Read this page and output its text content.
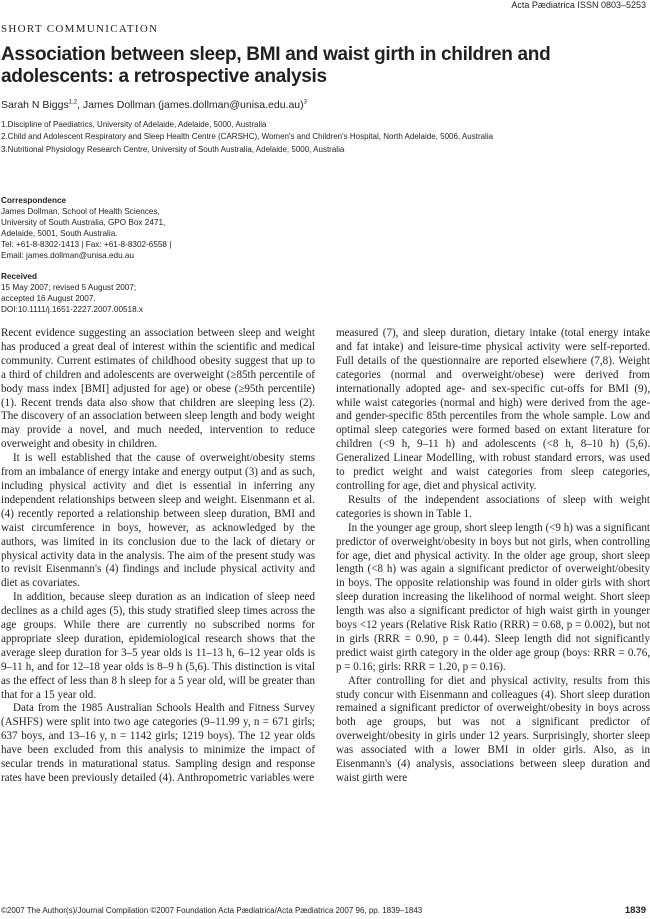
Acta Pædiatrica ISSN 0803–5253
SHORT COMMUNICATION
Association between sleep, BMI and waist girth in children and adolescents: a retrospective analysis
Sarah N Biggs$^{1,2}$, James Dollman (james.dollman@unisa.edu.au)$^3$
1.Discipline of Paediatrics, University of Adelaide, Adelaide, 5000, Australia
2.Child and Adolescent Respiratory and Sleep Health Centre (CARSHC), Women's and Children's Hospital, North Adelaide, 5006, Australia
3.Nutritional Physiology Research Centre, University of South Australia, Adelaide, 5000, Australia
Correspondence
James Dollman, School of Health Sciences,
University of South Australia, GPO Box 2471,
Adelaide, 5001, South Australia.
Tel: +61-8-8302-1413 | Fax: +61-8-8302-6558 |
Email: james.dollman@unisa.edu.au
Received
15 May 2007; revised 5 August 2007;
accepted 16 August 2007.
DOI:10.1111/j.1651-2227.2007.00518.x

Recent evidence suggesting an association between sleep and weight has produced a great deal of interest within the scientific and medical community. Current estimates of childhood obesity suggest that up to a third of children and adolescents are overweight (≥85th percentile of body mass index [BMI] adjusted for age) or obese (≥95th percentile) (1). Recent trends data also show that children are sleeping less (2). The discovery of an association between sleep length and body weight may provide a novel, and much needed, intervention to reduce overweight and obesity in children.

It is well established that the cause of overweight/obesity stems from an imbalance of energy intake and energy output (3) and as such, including physical activity and diet is essential in inferring any independent relationships between sleep and weight. Eisenmann et al. (4) recently reported a relationship between sleep duration, BMI and waist circumference in boys, however, as acknowledged by the authors, was limited in its conclusion due to the lack of dietary or physical activity data in the analysis. The aim of the present study was to revisit Eisenmann's (4) findings and include physical activity and diet as covariates.

In addition, because sleep duration as an indication of sleep need declines as a child ages (5), this study stratified sleep times across the age groups. While there are currently no subscribed norms for appropriate sleep duration, epidemiological research shows that the average sleep duration for 3–5 year olds is 11–13 h, 6–12 year olds is 9–11 h, and for 12–18 year olds is 8–9 h (5,6). This distinction is vital as the effect of less than 8 h sleep for a 5 year old, will be greater than that for a 15 year old.

Data from the 1985 Australian Schools Health and Fitness Survey (ASHFS) were split into two age categories (9–11.99 y, n = 671 girls; 637 boys, and 13–16 y, n = 1142 girls; 1219 boys). The 12 year olds have been excluded from this analysis to minimize the impact of secular trends in maturational status. Sampling design and response rates have been previously detailed (4). Anthropometric variables were

measured (7), and sleep duration, dietary intake (total energy intake and fat intake) and leisure-time physical activity were self-reported. Full details of the questionnaire are reported elsewhere (7,8). Weight categories (normal and overweight/obese) were derived from internationally adopted age- and sex-specific cut-offs for BMI (9), while waist categories (normal and high) were derived from the age- and gender-specific 85th percentiles from the whole sample. Low and optimal sleep categories were formed based on extant literature for children (<9 h, 9–11 h) and adolescents (<8 h, 8–10 h) (5,6). Generalized Linear Modelling, with robust standard errors, was used to predict weight and waist categories from sleep categories, controlling for age, diet and physical activity.

Results of the independent associations of sleep with weight categories is shown in Table 1.

In the younger age group, short sleep length (<9 h) was a significant predictor of overweight/obesity in boys but not girls, when controlling for age, diet and physical activity. In the older age group, short sleep length (<8 h) was again a significant predictor of overweight/obesity in boys. The opposite relationship was found in older girls with short sleep duration increasing the likelihood of normal weight. Short sleep length was also a significant predictor of high waist girth in younger boys <12 years (Relative Risk Ratio (RRR) = 0.68, p = 0.002), but not in girls (RRR = 0.90, p = 0.44). Sleep length did not significantly predict waist girth category in the older age group (boys: RRR = 0.76, p = 0.16; girls: RRR = 1.20, p = 0.16).

After controlling for diet and physical activity, results from this study concur with Eisenmann and colleagues (4). Short sleep duration remained a significant predictor of overweight/obesity in boys across both age groups, but was not a significant predictor of overweight/obesity in girls under 12 years. Surprisingly, shorter sleep was associated with a lower BMI in older girls. Also, as in Eisenmann's (4) analysis, associations between sleep duration and waist girth were

©2007 The Author(s)/Journal Compilation ©2007 Foundation Acta Pædiatrica/Acta Pædiatrica 2007 96, pp. 1839–1843	1839
